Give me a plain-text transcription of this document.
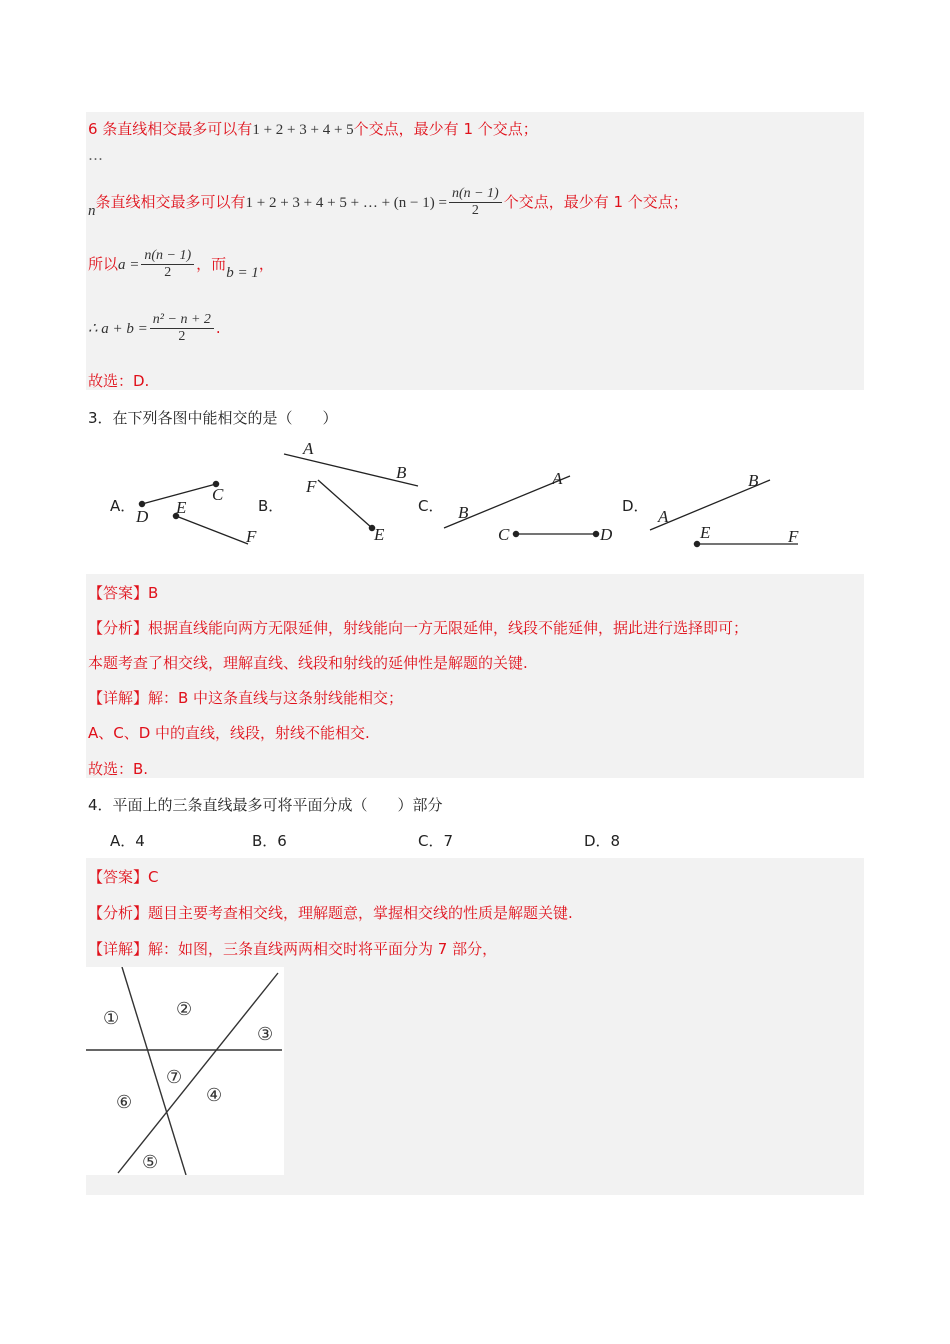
6 条直线相交最多可以有1 + 2 + 3 + 4 + 5个交点，最少有 1 个交点；
…
n条直线相交最多可以有1 + 2 + 3 + 4 + 5 + … + $(n - 1) = \frac{n(n - 1)}{2}$ 个交点，最少有 1 个交点；
所以$a = \frac{n(n - 1)}{2}$ ，而b = 1，
∴ $a + b = \frac{\text{n² − n + 2}}{2}$ .
故选：D.
3．在下列各图中能相交的是（　　）
A．	B．	C．	D．
C
D E
F
A
B
F
E
A
B
C	D
B
A
E	F
【答案】B
【分析】根据直线能向两方无限延伸，射线能向一方无限延伸，线段不能延伸，据此进行选择即可；
本题考查了相交线，理解直线、线段和射线的延伸性是解题的关键.
【详解】解：B 中这条直线与这条射线能相交；
A、C、D 中的直线，线段，射线不能相交.
故选：B.
4．平面上的三条直线最多可将平面分成（　　）部分
A．4	B．6	C．7	D．8
【答案】C
【分析】题目主要考查相交线，理解题意，掌握相交线的性质是解题关键.
【详解】解：如图，三条直线两两相交时将平面分为 7 部分，
①	②
③
④
⑤
⑥
⑦
